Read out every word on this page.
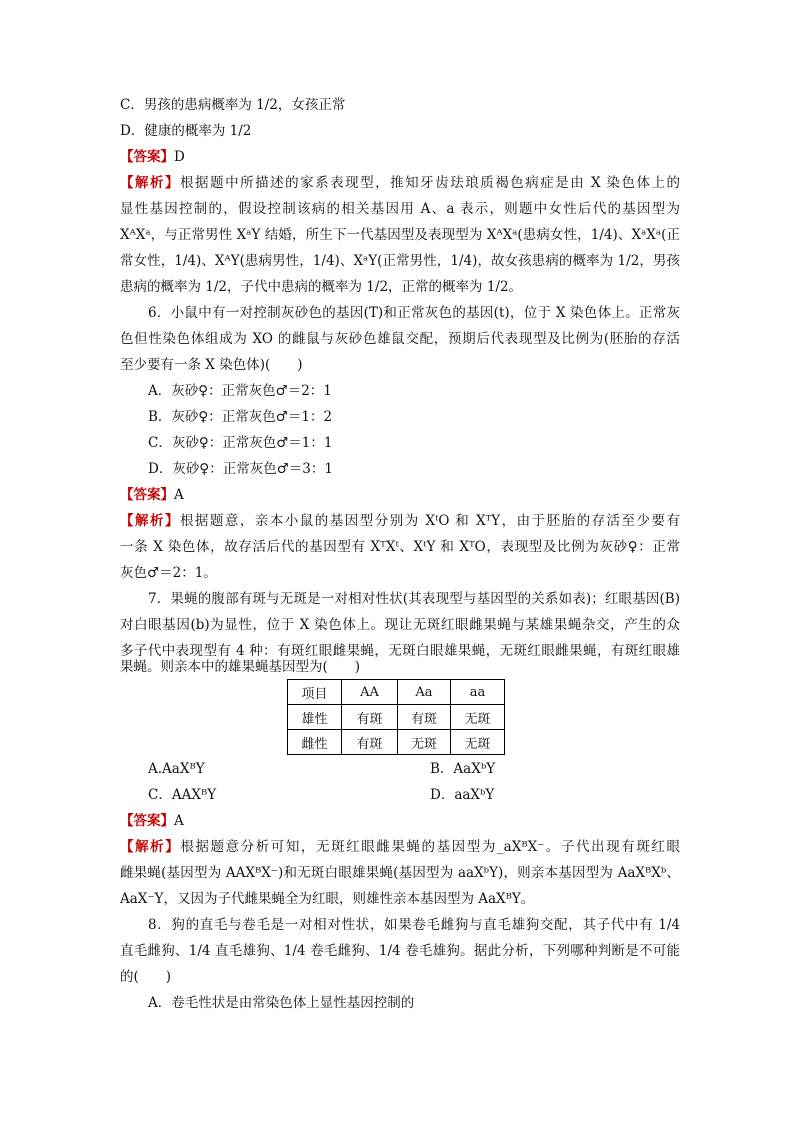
C．男孩的患病概率为 1/2，女孩正常
D．健康的概率为 1/2
【答案】D
【解析】根据题中所描述的家系表现型，推知牙齿珐琅质褐色病症是由 X 染色体上的
显性基因控制的，假设控制该病的相关基因用 A、a 表示，则题中女性后代的基因型为
XᴬXᵃ，与正常男性 XᵃY 结婚，所生下一代基因型及表现型为 XᴬXᵃ(患病女性，1/4)、XᵃXᵃ(正
常女性，1/4)、XᴬY(患病男性，1/4)、XᵃY(正常男性，1/4)，故女孩患病的概率为 1/2，男孩
患病的概率为 1/2，子代中患病的概率为 1/2，正常的概率为 1/2。
6．小鼠中有一对控制灰砂色的基因(T)和正常灰色的基因(t)，位于 X 染色体上。正常灰
色但性染色体组成为 XO 的雌鼠与灰砂色雄鼠交配，预期后代表现型及比例为(胚胎的存活
至少要有一条 X 染色体)(　　)
A．灰砂♀：正常灰色♂＝2：1
B．灰砂♀：正常灰色♂＝1：2
C．灰砂♀：正常灰色♂＝1：1
D．灰砂♀：正常灰色♂＝3：1
【答案】A
【解析】根据题意，亲本小鼠的基因型分别为 XᵗO 和 XᵀY，由于胚胎的存活至少要有
一条 X 染色体，故存活后代的基因型有 XᵀXᵗ、XᵗY 和 XᵀO，表现型及比例为灰砂♀：正常
灰色♂＝2：1。
7．果蝇的腹部有斑与无斑是一对相对性状(其表现型与基因型的关系如表)；红眼基因(B)
对白眼基因(b)为显性，位于 X 染色体上。现让无斑红眼雌果蝇与某雄果蝇杂交，产生的众
多子代中表现型有 4 种：有斑红眼雌果蝇，无斑白眼雄果蝇，无斑红眼雌果蝇，有斑红眼雄
果蝇。则亲本中的雄果蝇基因型为(　　)
项目	AA	Aa	aa
雄性	有斑	有斑	无斑
雌性	有斑	无斑	无斑
A.AaXᴮY	B．AaXᵇY
C．AAXᴮY	D．aaXᵇY
【答案】A
【解析】根据题意分析可知，无斑红眼雌果蝇的基因型为_aXᴮX⁻。子代出现有斑红眼
雌果蝇(基因型为 AAXᴮX⁻)和无斑白眼雄果蝇(基因型为 aaXᵇY)，则亲本基因型为 AaXᴮXᵇ、
AaX⁻Y，又因为子代雌果蝇全为红眼，则雄性亲本基因型为 AaXᴮY。
8．狗的直毛与卷毛是一对相对性状，如果卷毛雌狗与直毛雄狗交配，其子代中有 1/4
直毛雌狗、1/4 直毛雄狗、1/4 卷毛雌狗、1/4 卷毛雄狗。据此分析，下列哪种判断是不可能
的(　　)
A．卷毛性状是由常染色体上显性基因控制的
